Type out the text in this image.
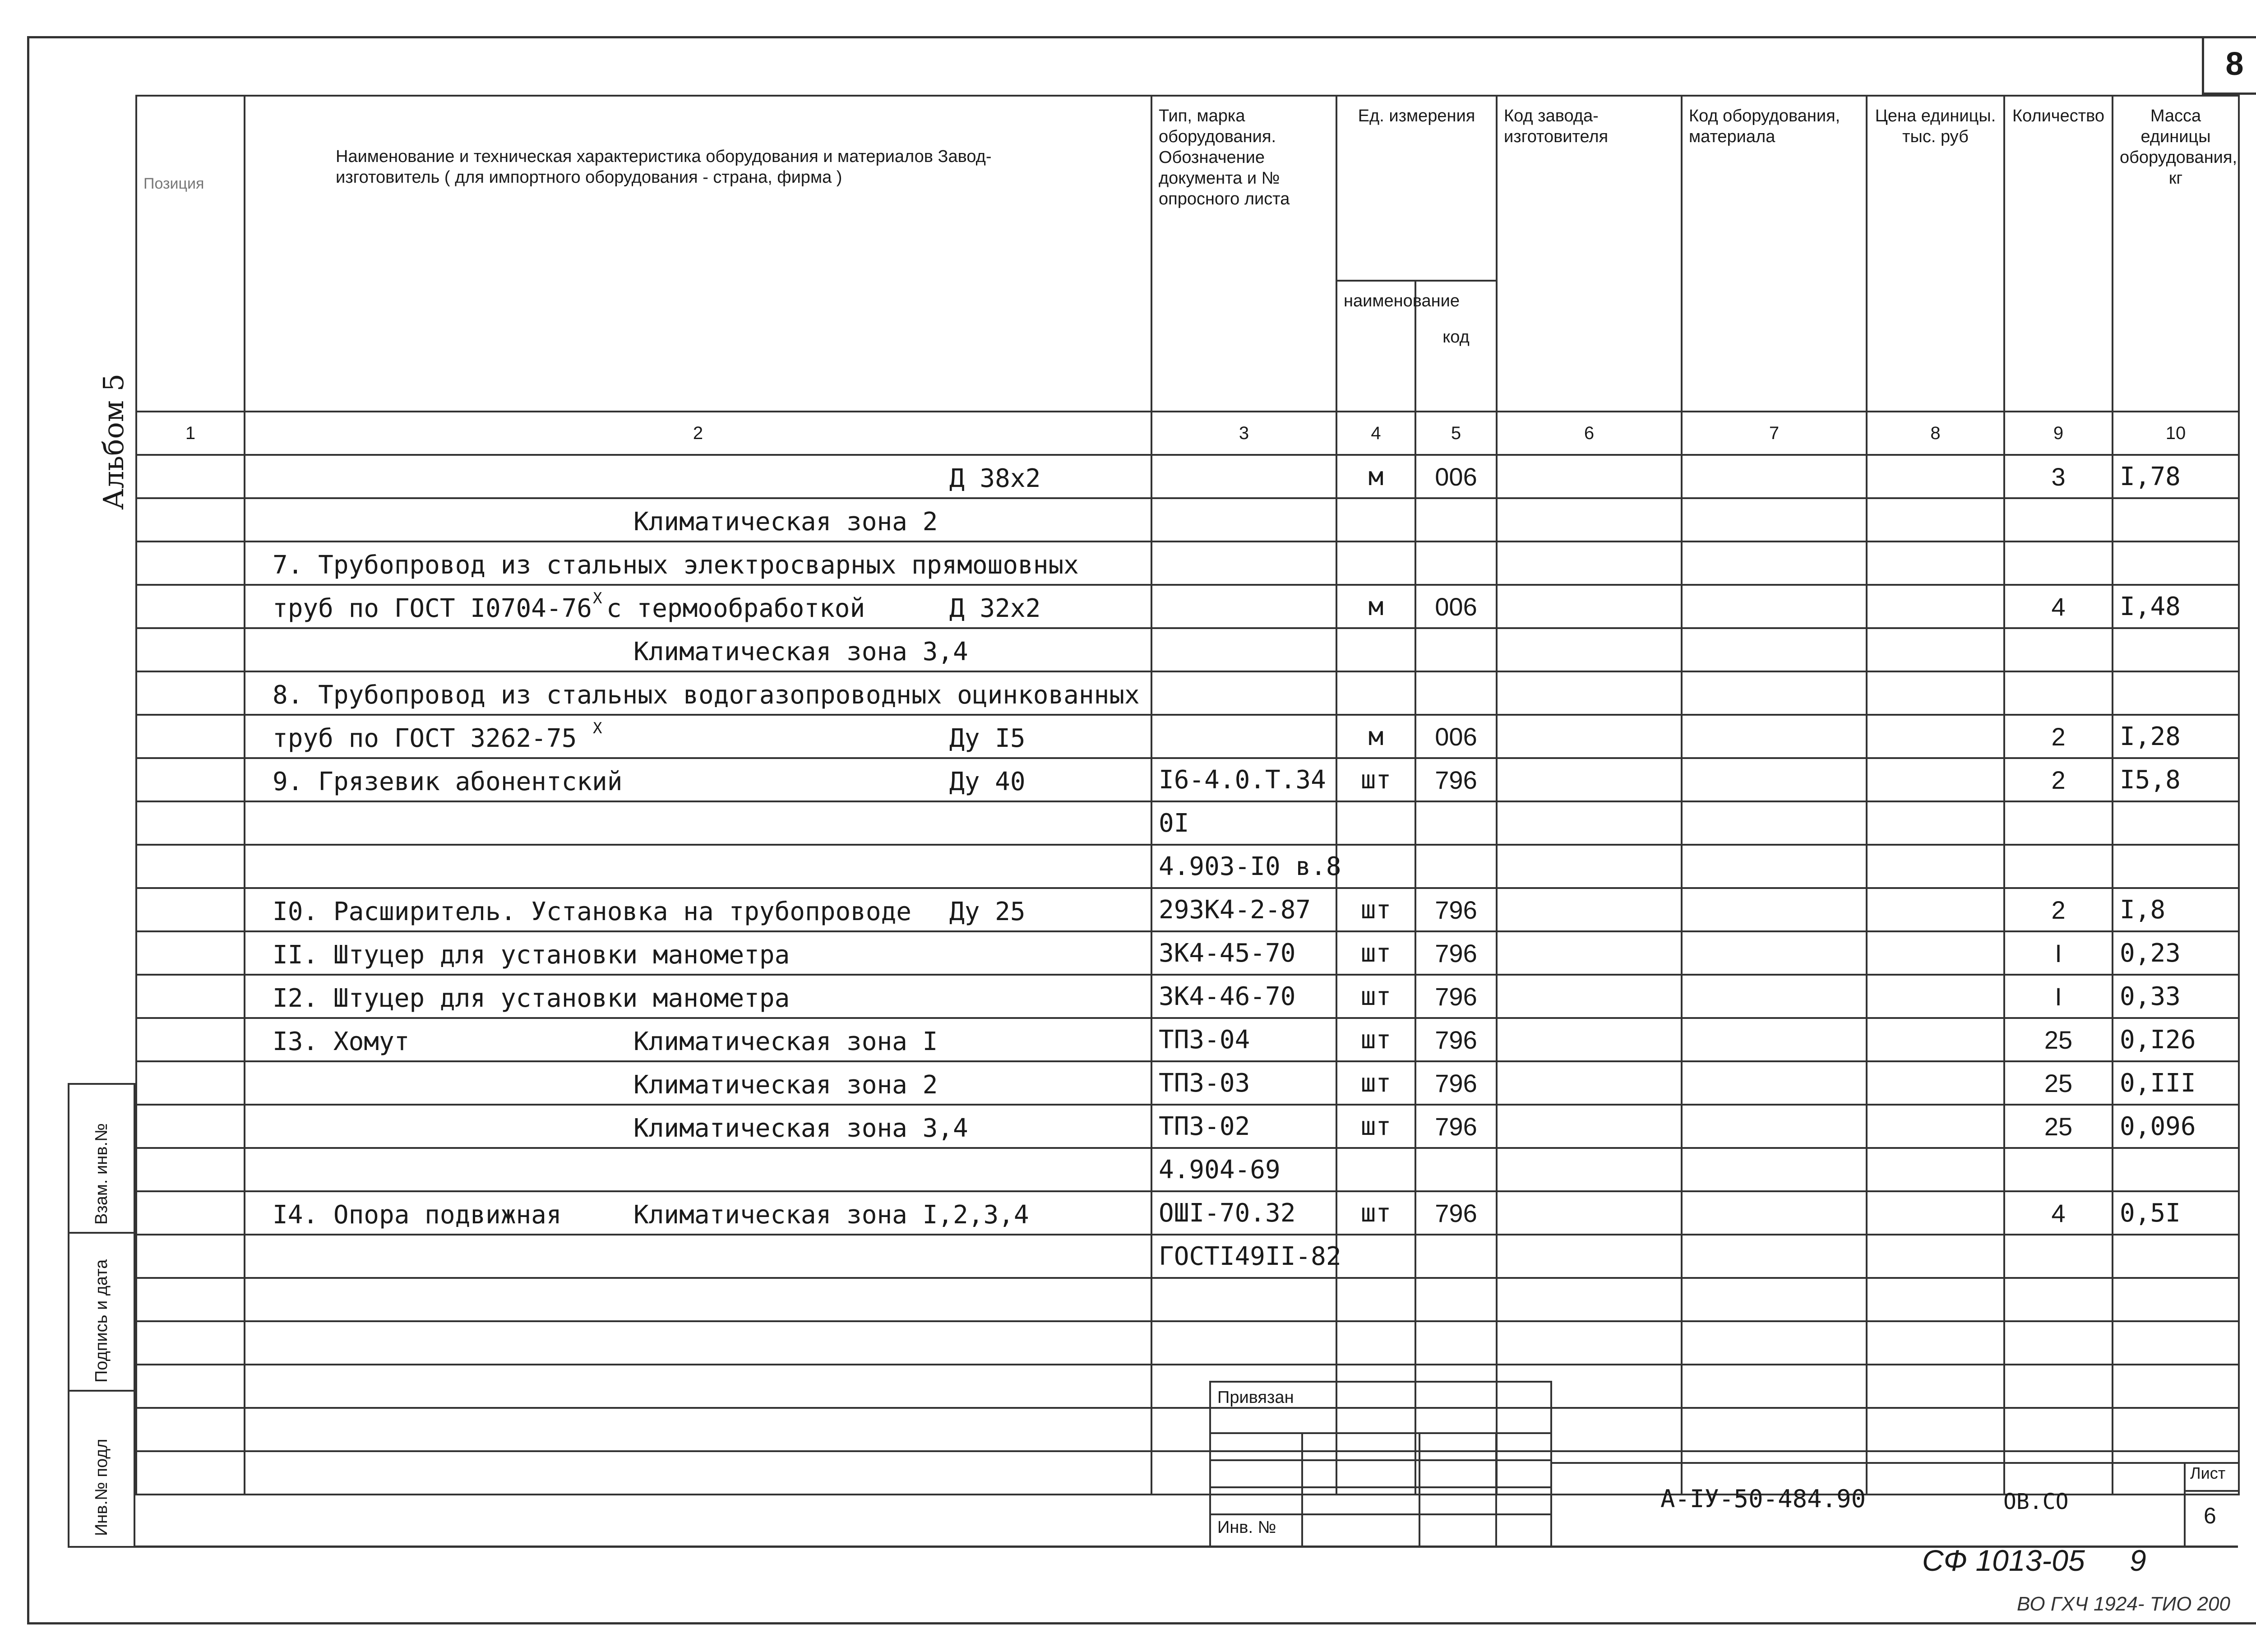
8
Альбом 5
Позиция	Наименование и техническая характеристика оборудования и материалов Завод-изготовитель ( для импортного оборудования - страна, фирма )	Тип, марка оборудования. Обозначение документа и № опросного листа	Ед. измерения		Код завода-изготовителя	Код оборудования, материала	Цена единицы. тыс. руб	Количество	Масса единицы оборудования, кг
			наименование	код					
1	2	3	4	5	6	7	8	9	10

	Д 38х2		м	006				3	I,78

	Климатическая зона 2								

	7. Трубопровод из стальных электросварных прямошовных								

	труб по ГОСТ I0704-76 X с термообработкой Д 32х2		м	006				4	I,48

	Климатическая зона 3,4								

	8. Трубопровод из стальных водогазопроводных оцинкованных								

	труб по ГОСТ 3262-75 X Ду I5		м	006				2	I,28

	9. Грязевик абонентский Ду 40	I6-4.0.Т.34	шт	796				2	I5,8
		0I							
		4.903-I0 в.8							

	I0. Расширитель. Установка на трубопроводе Ду 25	293К4-2-87	шт	796				2	I,8

	II. Штуцер для установки манометра	3К4-45-70	шт	796				I	0,23

	I2. Штуцер для установки манометра	3К4-46-70	шт	796				I	0,33

	I3. Хомут Климатическая зона I	ТП3-04	шт	796				25	0,I26

	Климатическая зона 2	ТП3-03	шт	796				25	0,III

	Климатическая зона 3,4	ТП3-02	шт	796				25	0,096
		4.904-69							

	I4. Опора подвижная Климатическая зона I,2,3,4	ОШI-70.32	шт	796				4	0,5I
		ГОСТI49II-82							

Взам. инв.№
Подпись и дата
Инв.№ подл
Привязан
Инв. №
А-IУ-50-484.90	ОВ.СО
Лист
6
СФ 1013-05 9
ВО ГХЧ 1924- ТИО 200
